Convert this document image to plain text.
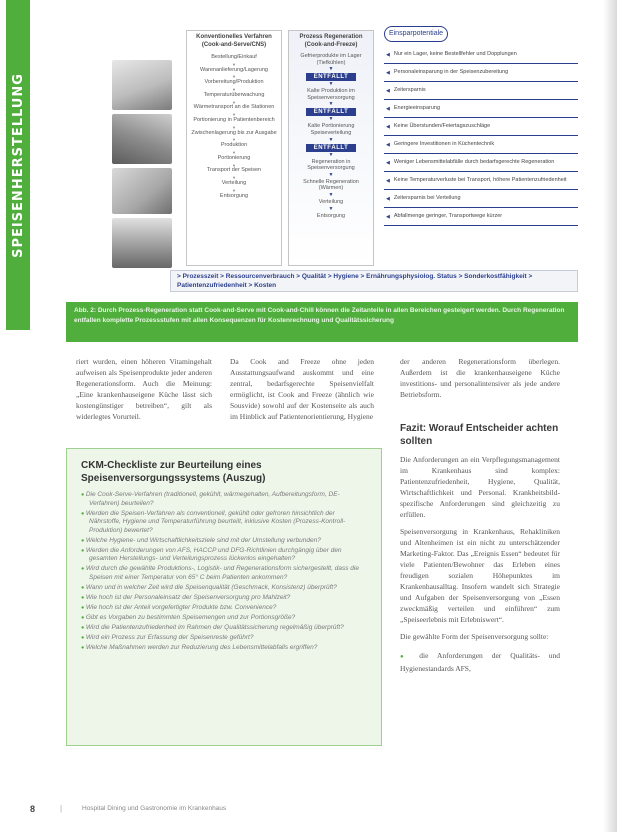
SPEISENHERSTELLUNG
Konventionelles Verfahren (Cook-and-Serve/CNS)
Bestellung/Einkauf ▼
Warenanlieferung/Lagerung ▼
Vorbereitung/Produktion ▼
Temperaturüberwachung ▼
Wärmetransport an die Stationen ▼
Portionierung in Patientenbereich ▼
Zwischenlagerung bis zur Ausgabe ▼
Produktion ▼
Portionierung ▼
Transport der Speisen ▼
Verteilung ▼
Entsorgung
Prozess Regeneration (Cook-and-Freeze)
Gefrierprodukte im Lager (Tiefkühlen)
▼
ENTFÄLLT
▼
Kalte Produktion im Speisenversorgung
▼
ENTFÄLLT
▼
Kalte Portionierung Speiseverteilung
▼
ENTFÄLLT
▼
Regeneration in Speisenversorgung
▼
Schnelle Regeneration (Wärmen)
▼
Verteilung
▼
Entsorgung
Einsparpotentiale
◀ Nur ein Lager, keine Bestellfehler und Dopplungen
◀ Personaleinsparung in der Speisenzubereitung
◀ Zeitersparnis
◀ Energieeinsparung
◀ Keine Überstunden/Feiertagszuschläge
◀ Geringere Investitionen in Küchentechnik
◀ Weniger Lebensmittelabfälle durch bedarfsgerechte Regeneration
◀ Keine Temperaturverluste bei Transport, höhere Patientenzufriedenheit
◀ Zeitersparnis bei Verteilung
◀ Abfallmenge geringer, Transportwege kürzer
> Prozesszeit > Ressourcenverbrauch > Qualität > Hygiene > Ernährungsphysiolog. Status > Sonderkostfähigkeit > Patientenzufriedenheit > Kosten
Abb. 2: Durch Prozess-Regeneration statt Cook-and-Serve mit Cook-and-Chill können die Zeitanteile in allen Bereichen gesteigert werden. Durch Regeneration entfallen komplette Prozessstufen mit allen Konsequenzen für Kostenrechnung und Qualitätssicherung
riert wurden, einen höheren Vitamingehalt aufweisen als Speisenprodukte jeder anderen Regenerationsform. Auch die Meinung: „Eine krankenhauseigene Küche lässt sich kostengünstiger betreiben“, gilt als widerlegtes Vorurteil.
Da Cook and Freeze ohne jeden Ausstattungsaufwand auskommt und eine zentral, bedarfsgerechte Speisenvielfalt ermöglicht, ist Cook and Freeze (ähnlich wie Sousvide) sowohl auf der Kostenseite als auch im Hinblick auf Patientenorientierung, Hygiene

der anderen Regenerationsform überlegen. Außerdem ist die krankenhauseigene Küche investitions- und personalintensiver als jede andere Betriebsform.

Fazit: Worauf Entscheider achten sollten

Die Anforderungen an ein Verpflegungsmanagement im Krankenhaus sind komplex: Patientenzufriedenheit, Hygiene, Qualität, Wirtschaftlichkeit und Personal. Krankheitsbild-spezifische Anforderungen sind gleichzeitig zu erfüllen.

Speisenversorgung in Krankenhaus, Rehakliniken und Altenheimen ist ein nicht zu unterschätzender Marketing-Faktor. Das „Ereignis Essen“ bedeutet für viele Patienten/Bewohner das Erleben eines freudigen sozialen Höhepunktes im Krankenhausalltag. Insofern wandelt sich Strategie und Aufgaben der Speisenversorgung von „Essen zweckmäßig verteilen und einführen“ zum „Speiseerlebnis mit Erlebniswert“.

Die gewählte Form der Speisenversorgung sollte:

● die Anforderungen der Qualitäts- und Hygienestandards AFS,
CKM-Checkliste zur Beurteilung eines Speisenversorgungssystems (Auszug)
● Die Cook-Serve-Verfahren (traditionell, gekühlt, wärmegehalten, Aufbereitungsform, DE-Verfahren) beurteilen?
● Werden die Speisen-Verfahren als conventionell, gekühlt oder gefroren hinsichtlich der Nährstoffe, Hygiene und Temperaturführung beurteilt, inklusive Kosten (Prozess-Kontroll-Produktion) bewertet?
● Welche Hygiene- und Wirtschaftlichkeitsziele sind mit der Umstellung verbunden?
● Werden die Anforderungen von AFS, HACCP und DFG-Richtlinien durchgängig über den gesamten Herstellungs- und Verteilungsprozess lückenlos eingehalten?
● Wird durch die gewählte Produktions-, Logistik- und Regenerationsform sichergestellt, dass die Speisen mit einer Temperatur von 65° C beim Patienten ankommen?
● Wann und in welcher Zeit wird die Speisenqualität (Geschmack, Konsistenz) überprüft?
● Wie hoch ist der Personaleinsatz der Speisenversorgung pro Mahlzeit?
● Wie hoch ist der Anteil vorgefertigter Produkte bzw. Convenience?
● Gibt es Vorgaben zu bestimmten Speisemengen und zur Portionsgröße?
● Wird die Patientenzufriedenheit im Rahmen der Qualitätssicherung regelmäßig überprüft?
● Wird ein Prozess zur Erfassung der Speisenreste geführt?
● Welche Maßnahmen werden zur Reduzierung des Lebensmittelabfalls ergriffen?
8	|	Hospital Dining und Gastronomie im Krankenhaus
